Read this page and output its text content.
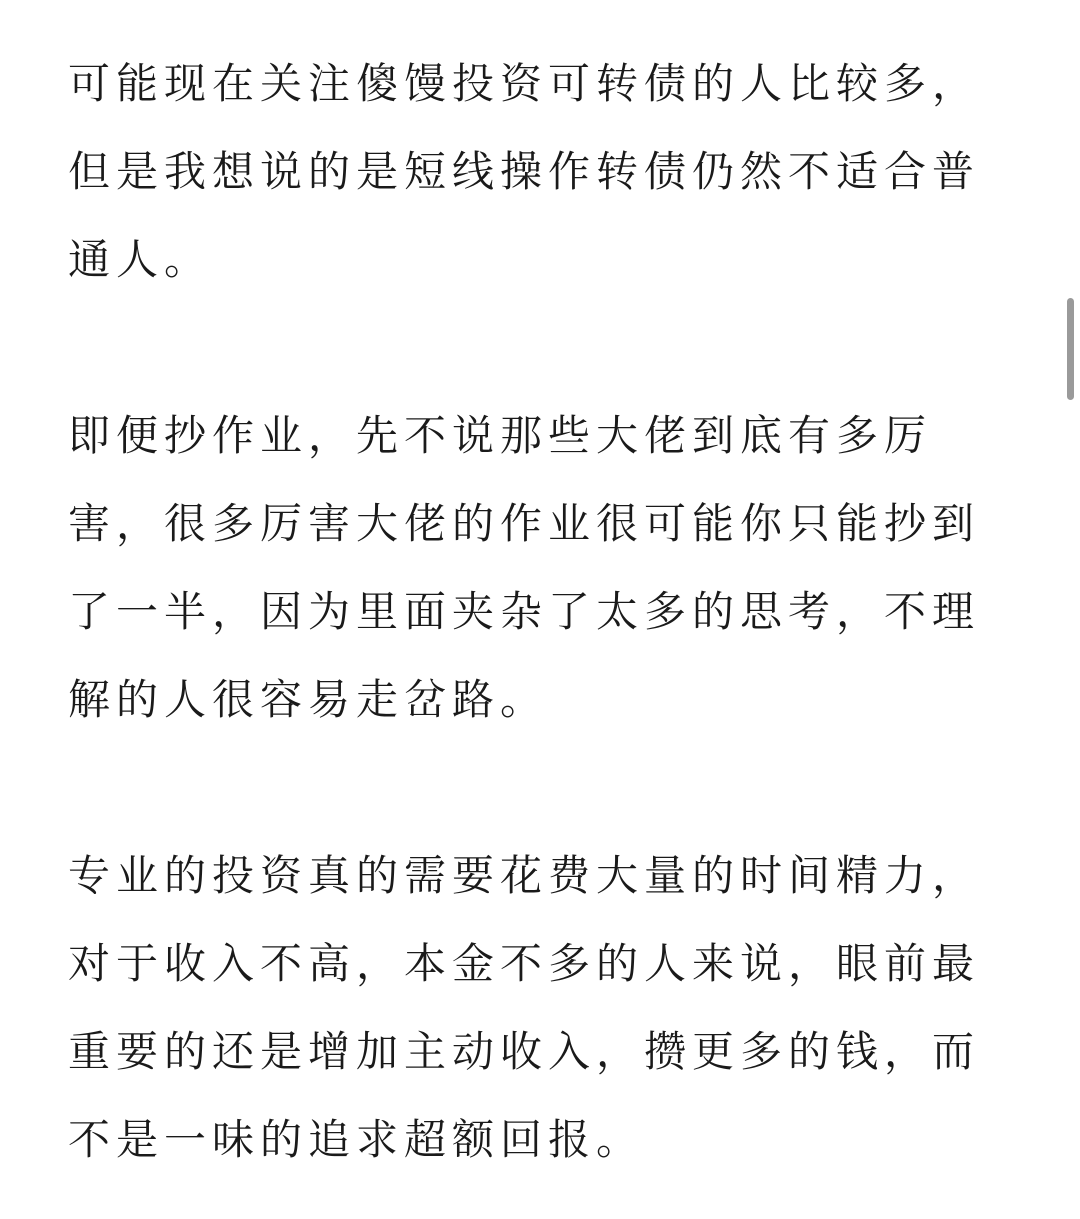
可能现在关注傻馒投资可转债的人比较多，
但是我想说的是短线操作转债仍然不适合普
通人。

即便抄作业，先不说那些大佬到底有多厉
害，很多厉害大佬的作业很可能你只能抄到
了一半，因为里面夹杂了太多的思考，不理
解的人很容易走岔路。

专业的投资真的需要花费大量的时间精力，
对于收入不高，本金不多的人来说，眼前最
重要的还是增加主动收入，攒更多的钱，而
不是一味的追求超额回报。
